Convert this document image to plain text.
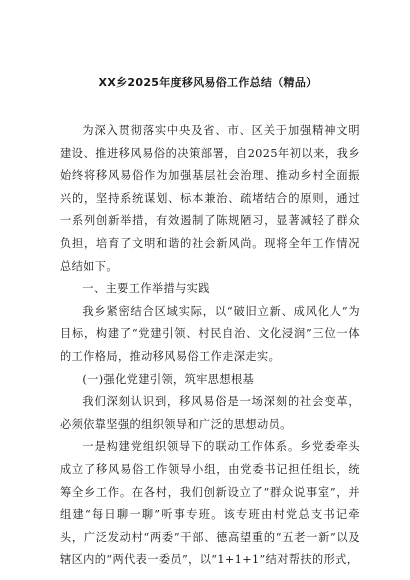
XX乡2025年度移风易俗工作总结（精品）

为深入贯彻落实中央及省、市、区关于加强精神文明建设、推进移风易俗的决策部署，自2025年初以来，我乡始终将移风易俗作为加强基层社会治理、推动乡村全面振兴的，坚持系统谋划、标本兼治、疏堵结合的原则，通过一系列创新举措，有效遏制了陈规陋习，显著减轻了群众负担，培育了文明和谐的社会新风尚。现将全年工作情况总结如下。

一、主要工作举措与实践

我乡紧密结合区域实际，以“破旧立新、成风化人”为目标，构建了“党建引领、村民自治、文化浸润”三位一体的工作格局，推动移风易俗工作走深走实。

(一)强化党建引领，筑牢思想根基

我们深刻认识到，移风易俗是一场深刻的社会变革，必须依靠坚强的组织领导和广泛的思想动员。

一是构建党组织领导下的联动工作体系。乡党委牵头成立了移风易俗工作领导小组，由党委书记担任组长，统筹全乡工作。在各村，我们创新设立了“群众说事室”，并组建“每日聊一聊”听事专班。该专班由村党总支书记牵头，广泛发动村“两委”干部、德高望重的“五老一新”以及辖区内的“两代表一委员”，以“1+1+1”结对帮扶的形式，
